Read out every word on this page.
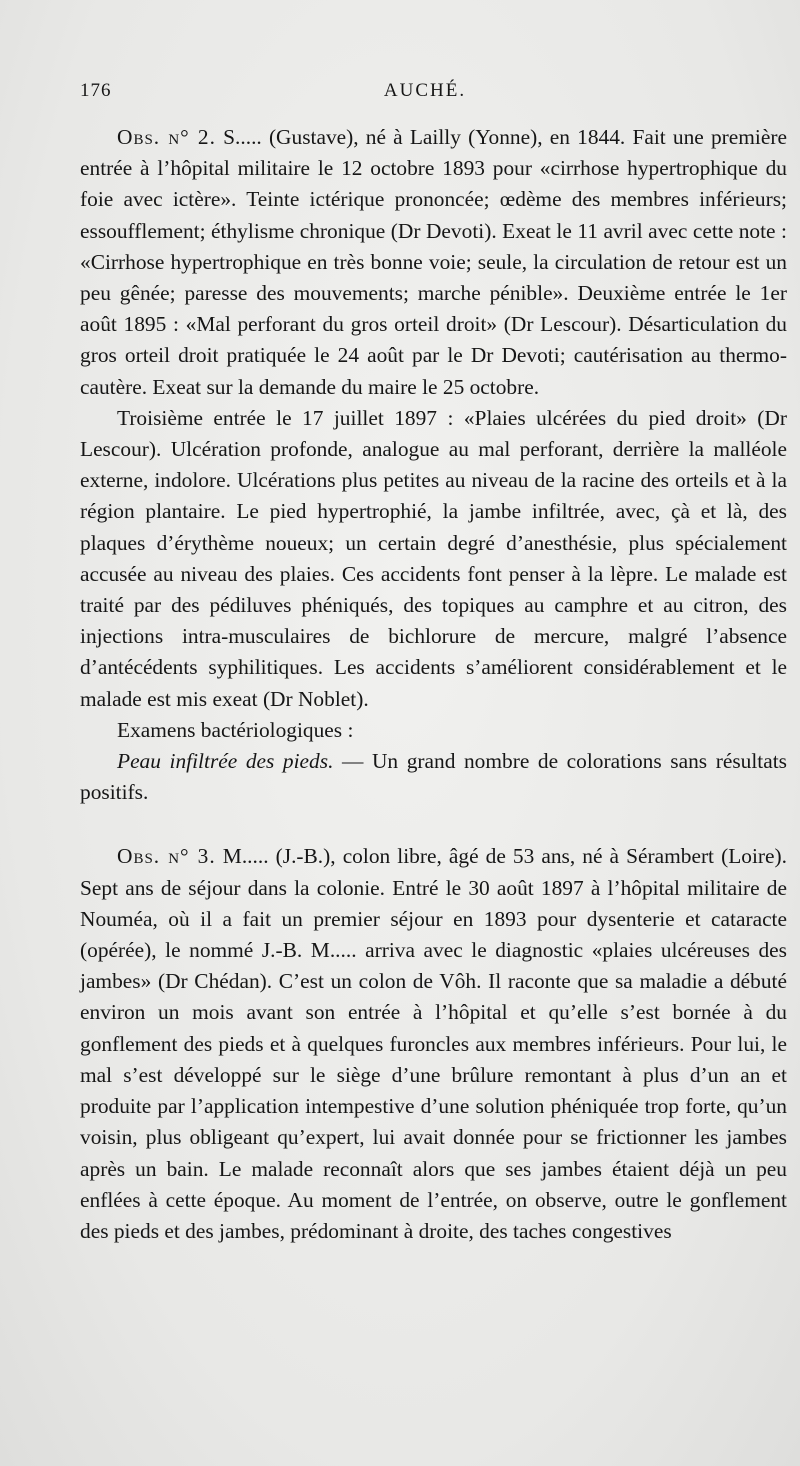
176	AUCHÉ.

Obs. n° 2. S..... (Gustave), né à Lailly (Yonne), en 1844. Fait une première entrée à l’hôpital militaire le 12 octobre 1893 pour «cirrhose hypertrophique du foie avec ictère». Teinte ictérique prononcée; œdème des membres inférieurs; essoufflement; éthylisme chronique (Dr Devoti). Exeat le 11 avril avec cette note : «Cirrhose hypertrophique en très bonne voie; seule, la circulation de retour est un peu gênée; paresse des mouvements; marche pénible». Deuxième entrée le 1er août 1895 : «Mal perforant du gros orteil droit» (Dr Lescour). Désarticulation du gros orteil droit pratiquée le 24 août par le Dr Devoti; cautérisation au thermo-cautère. Exeat sur la demande du maire le 25 octobre.

Troisième entrée le 17 juillet 1897 : «Plaies ulcérées du pied droit» (Dr Lescour). Ulcération profonde, analogue au mal perforant, derrière la malléole externe, indolore. Ulcérations plus petites au niveau de la racine des orteils et à la région plantaire. Le pied hypertrophié, la jambe infiltrée, avec, çà et là, des plaques d’érythème noueux; un certain degré d’anesthésie, plus spécialement accusée au niveau des plaies. Ces accidents font penser à la lèpre. Le malade est traité par des pédiluves phéniqués, des topiques au camphre et au citron, des injections intra-musculaires de bichlorure de mercure, malgré l’absence d’antécédents syphilitiques. Les accidents s’améliorent considérablement et le malade est mis exeat (Dr Noblet).

Examens bactériologiques :

Peau infiltrée des pieds. — Un grand nombre de colorations sans résultats positifs.

Obs. n° 3. M..... (J.-B.), colon libre, âgé de 53 ans, né à Sérambert (Loire). Sept ans de séjour dans la colonie. Entré le 30 août 1897 à l’hôpital militaire de Nouméa, où il a fait un premier séjour en 1893 pour dysenterie et cataracte (opérée), le nommé J.-B. M..... arriva avec le diagnostic «plaies ulcéreuses des jambes» (Dr Chédan). C’est un colon de Vôh. Il raconte que sa maladie a débuté environ un mois avant son entrée à l’hôpital et qu’elle s’est bornée à du gonflement des pieds et à quelques furoncles aux membres inférieurs. Pour lui, le mal s’est développé sur le siège d’une brûlure remontant à plus d’un an et produite par l’application intempestive d’une solution phéniquée trop forte, qu’un voisin, plus obligeant qu’expert, lui avait donnée pour se frictionner les jambes après un bain. Le malade reconnaît alors que ses jambes étaient déjà un peu enflées à cette époque. Au moment de l’entrée, on observe, outre le gonflement des pieds et des jambes, prédominant à droite, des taches congestives
